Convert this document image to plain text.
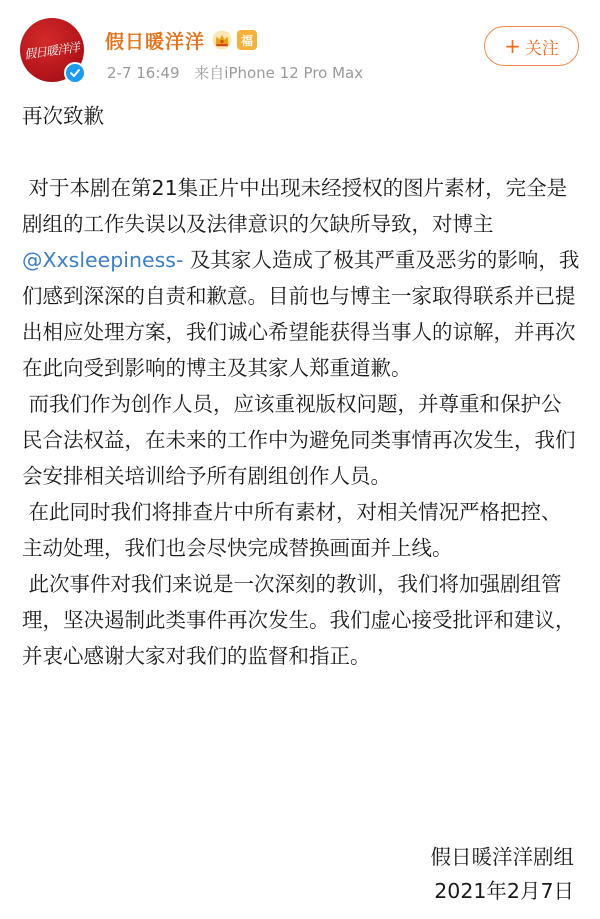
假日暖洋洋 假日暖洋洋	福
2-7 16:49 来自iPhone 12 Pro Max
+ 关注
再次致歉
对于本剧在第21集正片中出现未经授权的图片素材，完全是剧组的工作失误以及法律意识的欠缺所导致，对博主 @Xxsleepiness- 及其家人造成了极其严重及恶劣的影响，我们感到深深的自责和歉意。目前也与博主一家取得联系并已提出相应处理方案，我们诚心希望能获得当事人的谅解，并再次在此向受到影响的博主及其家人郑重道歉。
而我们作为创作人员，应该重视版权问题，并尊重和保护公民合法权益，在未来的工作中为避免同类事情再次发生，我们会安排相关培训给予所有剧组创作人员。
在此同时我们将排查片中所有素材，对相关情况严格把控、主动处理，我们也会尽快完成替换画面并上线。
此次事件对我们来说是一次深刻的教训，我们将加强剧组管理，坚决遏制此类事件再次发生。我们虚心接受批评和建议，并衷心感谢大家对我们的监督和指正。
假日暖洋洋剧组
2021年2月7日
